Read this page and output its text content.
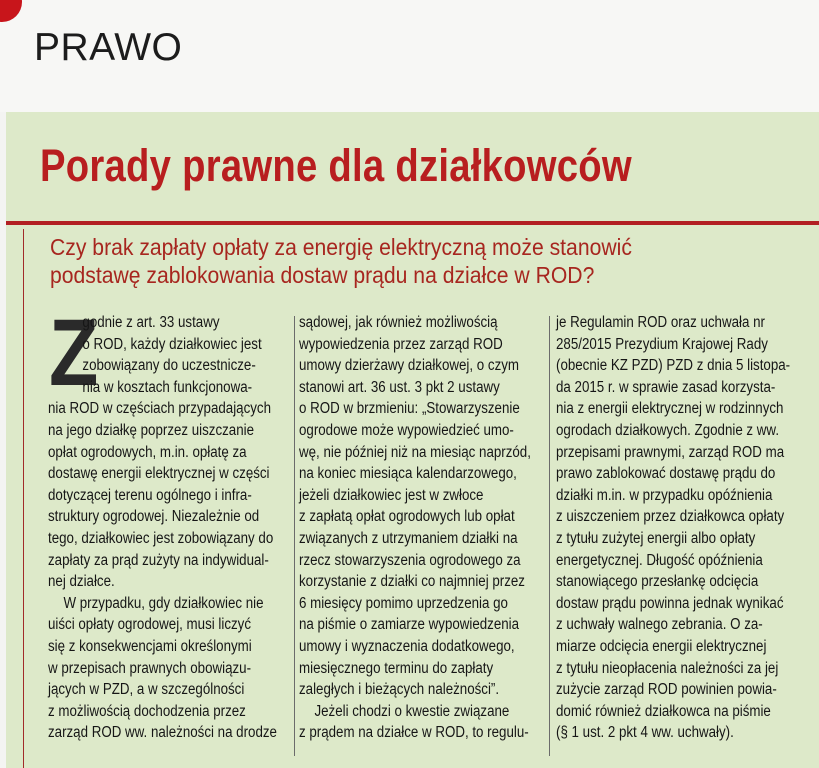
PRAWO
Porady prawne dla działkowców
Czy brak zapłaty opłaty za energię elektryczną może stanowić
podstawę zablokowania dostaw prądu na działce w ROD?
Z
godnie z art. 33 ustawy
o ROD, każdy działkowiec jest
zobowiązany do uczestnicze-
nia w kosztach funkcjonowa-
nia ROD w częściach przypadających
na jego działkę poprzez uiszczanie
opłat ogrodowych, m.in. opłatę za
dostawę energii elektrycznej w części
dotyczącej terenu ogólnego i infra-
struktury ogrodowej. Niezależnie od
tego, działkowiec jest zobowiązany do
zapłaty za prąd zużyty na indywidual-
nej działce.
W przypadku, gdy działkowiec nie
uiści opłaty ogrodowej, musi liczyć
się z konsekwencjami określonymi
w przepisach prawnych obowiązu-
jących w PZD, a w szczególności
z możliwością dochodzenia przez
zarząd ROD ww. należności na drodze
sądowej, jak również możliwością
wypowiedzenia przez zarząd ROD
umowy dzierżawy działkowej, o czym
stanowi art. 36 ust. 3 pkt 2 ustawy
o ROD w brzmieniu: „Stowarzyszenie
ogrodowe może wypowiedzieć umo-
wę, nie później niż na miesiąc naprzód,
na koniec miesiąca kalendarzowego,
jeżeli działkowiec jest w zwłoce
z zapłatą opłat ogrodowych lub opłat
związanych z utrzymaniem działki na
rzecz stowarzyszenia ogrodowego za
korzystanie z działki co najmniej przez
6 miesięcy pomimo uprzedzenia go
na piśmie o zamiarze wypowiedzenia
umowy i wyznaczenia dodatkowego,
miesięcznego terminu do zapłaty
zaległych i bieżących należności”.
Jeżeli chodzi o kwestie związane
z prądem na działce w ROD, to regulu-
je Regulamin ROD oraz uchwała nr
285/2015 Prezydium Krajowej Rady
(obecnie KZ PZD) PZD z dnia 5 listopa-
da 2015 r. w sprawie zasad korzysta-
nia z energii elektrycznej w rodzinnych
ogrodach działkowych. Zgodnie z ww.
przepisami prawnymi, zarząd ROD ma
prawo zablokować dostawę prądu do
działki m.in. w przypadku opóźnienia
z uiszczeniem przez działkowca opłaty
z tytułu zużytej energii albo opłaty
energetycznej. Długość opóźnienia
stanowiącego przesłankę odcięcia
dostaw prądu powinna jednak wynikać
z uchwały walnego zebrania. O za-
miarze odcięcia energii elektrycznej
z tytułu nieopłacenia należności za jej
zużycie zarząd ROD powinien powia-
domić również działkowca na piśmie
(§ 1 ust. 2 pkt 4 ww. uchwały).
